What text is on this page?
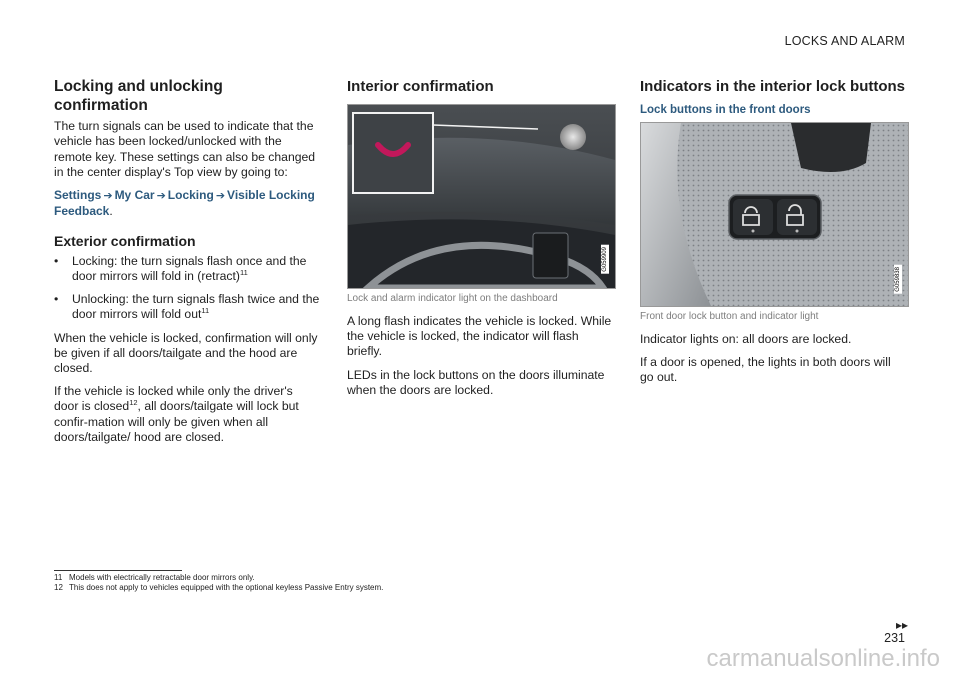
LOCKS AND ALARM
Locking and unlocking confirmation

The turn signals can be used to indicate that the vehicle has been locked/unlocked with the remote key. These settings can also be changed in the center display's Top view by going to:

Settings ➔ My Car ➔ Locking ➔ Visible Locking Feedback.
Exterior confirmation
• Locking: the turn signals flash once and the door mirrors will fold in (retract)$^{11}$
• Unlocking: the turn signals flash twice and the door mirrors will fold out$^{11}$

When the vehicle is locked, confirmation will only be given if all doors/tailgate and the hood are closed.

If the vehicle is locked while only the driver's door is closed$^{12}$, all doors/tailgate will lock but confir-mation will only be given when all doors/tailgate/ hood are closed.

Interior confirmation
G059909
Lock and alarm indicator light on the dashboard

A long flash indicates the vehicle is locked. While the vehicle is locked, the indicator will flash briefly.

LEDs in the lock buttons on the doors illuminate when the doors are locked.

Indicators in the interior lock buttons
Lock buttons in the front doors
G059838
Front door lock button and indicator light

Indicator lights on: all doors are locked.

If a door is opened, the lights in both doors will go out.

11 Models with electrically retractable door mirrors only.
12 This does not apply to vehicles equipped with the optional keyless Passive Entry system.
▸▸
231
carmanualsonline.info
